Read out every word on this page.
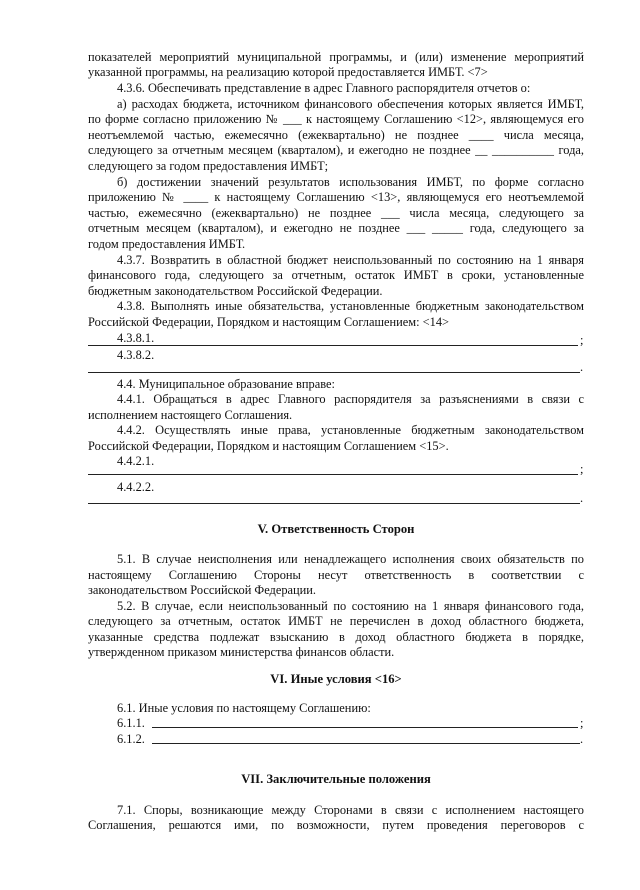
показателей мероприятий муниципальной программы, и (или) изменение мероприятий
указанной программы, на реализацию которой предоставляется ИМБТ. <7>
4.3.6. Обеспечивать представление в адрес Главного распорядителя отчетов о:
а) расходах бюджета, источником финансового обеспечения которых является ИМБТ,
по форме согласно приложению № ___ к настоящему Соглашению <12>, являющемуся его
неотъемлемой частью, ежемесячно (ежеквартально) не позднее ____ числа месяца,
следующего за отчетным месяцем (кварталом), и ежегодно не позднее __ __________ года,
следующего за годом предоставления ИМБТ;
б) достижении значений результатов использования ИМБТ, по форме согласно
приложению № ____ к настоящему Соглашению <13>, являющемуся его неотъемлемой
частью, ежемесячно (ежеквартально) не позднее ___ числа месяца, следующего за
отчетным месяцем (кварталом), и ежегодно не позднее ___ _____ года, следующего за
годом предоставления ИМБТ.
4.3.7. Возвратить в областной бюджет неиспользованный по состоянию на 1 января
финансового года, следующего за отчетным, остаток ИМБТ в сроки, установленные
бюджетным законодательством Российской Федерации.
4.3.8. Выполнять иные обязательства, установленные бюджетным законодательством
Российской Федерации, Порядком и настоящим Соглашением: <14>
4.3.8.1.	;
4.3.8.2.
.
4.4. Муниципальное образование вправе:
4.4.1. Обращаться в адрес Главного распорядителя за разъяснениями в связи с
исполнением настоящего Соглашения.
4.4.2. Осуществлять иные права, установленные бюджетным законодательством
Российской Федерации, Порядком и настоящим Соглашением <15>.
4.4.2.1.
;
4.4.2.2.
.
V. Ответственность Сторон
5.1. В случае неисполнения или ненадлежащего исполнения своих обязательств по
настоящему Соглашению Стороны несут ответственность в соответствии с
законодательством Российской Федерации.
5.2. В случае, если неиспользованный по состоянию на 1 января финансового года,
следующего за отчетным, остаток ИМБТ не перечислен в доход областного бюджета,
указанные средства подлежат взысканию в доход областного бюджета в порядке,
утвержденном приказом министерства финансов области.
VI. Иные условия <16>
6.1. Иные условия по настоящему Соглашению:
6.1.1.	;
6.1.2.	.
VII. Заключительные положения
7.1. Споры, возникающие между Сторонами в связи с исполнением настоящего
Соглашения, решаются ими, по возможности, путем проведения переговоров с
